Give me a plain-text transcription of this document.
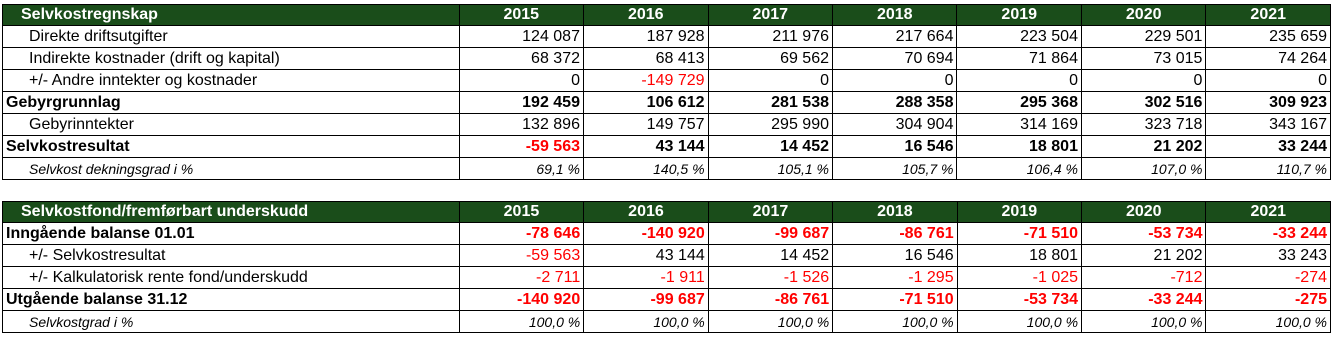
Selvkostregnskap	2015	2016	2017	2018	2019	2020	2021
Direkte driftsutgifter	124 087	187 928	211 976	217 664	223 504	229 501	235 659
Indirekte kostnader (drift og kapital)	68 372	68 413	69 562	70 694	71 864	73 015	74 264
+/- Andre inntekter og kostnader	0	-149 729	0	0	0	0	0
Gebyrgrunnlag	192 459	106 612	281 538	288 358	295 368	302 516	309 923
Gebyrinntekter	132 896	149 757	295 990	304 904	314 169	323 718	343 167
Selvkostresultat	-59 563	43 144	14 452	16 546	18 801	21 202	33 244
Selvkost dekningsgrad i %	69,1 %	140,5 %	105,1 %	105,7 %	106,4 %	107,0 %	110,7 %
Selvkostfond/fremførbart underskudd	2015	2016	2017	2018	2019	2020	2021
Inngående balanse 01.01	-78 646	-140 920	-99 687	-86 761	-71 510	-53 734	-33 244
+/- Selvkostresultat	-59 563	43 144	14 452	16 546	18 801	21 202	33 243
+/- Kalkulatorisk rente fond/underskudd	-2 711	-1 911	-1 526	-1 295	-1 025	-712	-274
Utgående balanse 31.12	-140 920	-99 687	-86 761	-71 510	-53 734	-33 244	-275
Selvkostgrad i %	100,0 %	100,0 %	100,0 %	100,0 %	100,0 %	100,0 %	100,0 %
